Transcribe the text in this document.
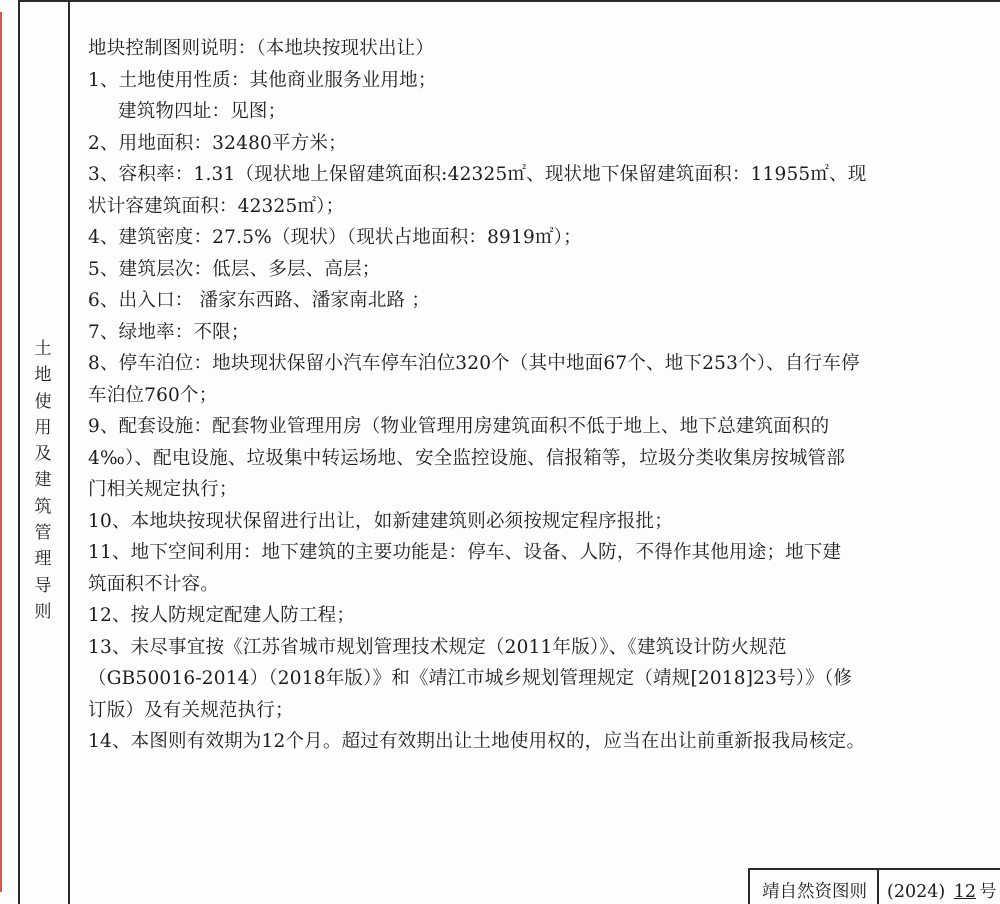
土
地
使
用
及
建
筑
管
理
导
则
地块控制图则说明：（本地块按现状出让）
1、土地使用性质：其他商业服务业用地；
建筑物四址：见图；
2、用地面积：32480平方米；
3、容积率：1.31（现状地上保留建筑面积:42325㎡、现状地下保留建筑面积：11955㎡、现
状计容建筑面积：42325㎡）；
4、建筑密度：27.5%（现状）（现状占地面积：8919㎡）；
5、建筑层次：低层、多层、高层；
6、出入口： 潘家东西路、潘家南北路 ；
7、绿地率：不限；
8、停车泊位：地块现状保留小汽车停车泊位320个（其中地面67个、地下253个）、自行车停
车泊位760个；
9、配套设施：配套物业管理用房（物业管理用房建筑面积不低于地上、地下总建筑面积的
4‰）、配电设施、垃圾集中转运场地、安全监控设施、信报箱等，垃圾分类收集房按城管部
门相关规定执行；
10、本地块按现状保留进行出让，如新建建筑则必须按规定程序报批；
11、地下空间利用：地下建筑的主要功能是：停车、设备、人防，不得作其他用途；地下建
筑面积不计容。
12、按人防规定配建人防工程；
13、未尽事宜按《江苏省城市规划管理技术规定（2011年版）》、《建筑设计防火规范
（GB50016-2014）（2018年版）》和《靖江市城乡规划管理规定（靖规[2018]23号）》（修
订版）及有关规范执行；
14、本图则有效期为12个月。超过有效期出让土地使用权的，应当在出让前重新报我局核定。
靖自然资图则	(2024) 12 号
